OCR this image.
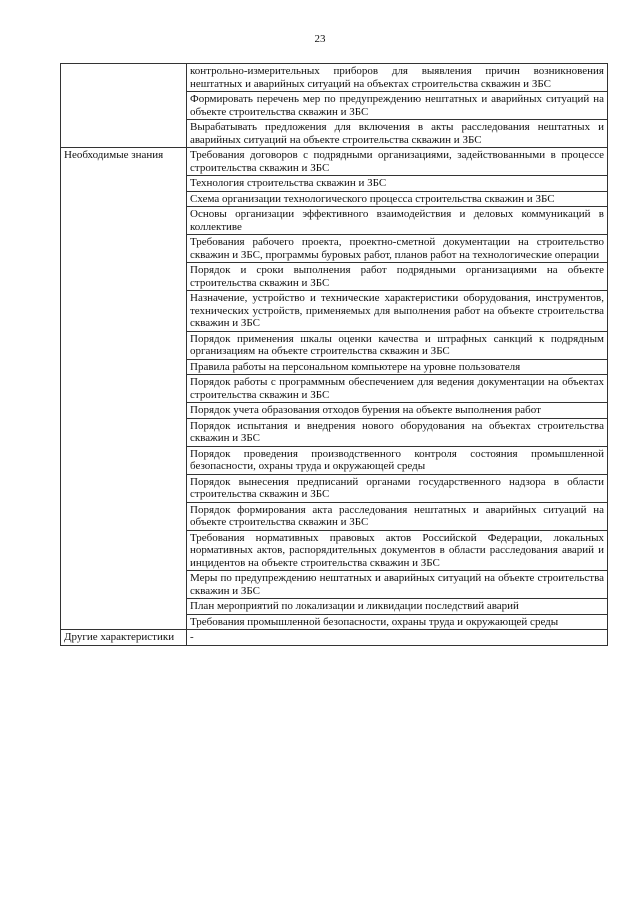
23
	контрольно-измерительных приборов для выявления причин возникновения нештатных и аварийных ситуаций на объектах строительства скважин и ЗБС
	Формировать перечень мер по предупреждению нештатных и аварийных ситуаций на объекте строительства скважин и ЗБС
	Вырабатывать предложения для включения в акты расследования нештатных и аварийных ситуаций на объекте строительства скважин и ЗБС
Необходимые знания	Требования договоров с подрядными организациями, задействованными в процессе строительства скважин и ЗБС
	Технология строительства скважин и ЗБС
	Схема организации технологического процесса строительства скважин и ЗБС
	Основы организации эффективного взаимодействия и деловых коммуникаций в коллективе
	Требования рабочего проекта, проектно-сметной документации на строительство скважин и ЗБС, программы буровых работ, планов работ на технологические операции
	Порядок и сроки выполнения работ подрядными организациями на объекте строительства скважин и ЗБС
	Назначение, устройство и технические характеристики оборудования, инструментов, технических устройств, применяемых для выполнения работ на объекте строительства скважин и ЗБС
	Порядок применения шкалы оценки качества и штрафных санкций к подрядным организациям на объекте строительства скважин и ЗБС
	Правила работы на персональном компьютере на уровне пользователя
	Порядок работы с программным обеспечением для ведения документации на объектах строительства скважин и ЗБС
	Порядок учета образования отходов бурения на объекте выполнения работ
	Порядок испытания и внедрения нового оборудования на объектах строительства скважин и ЗБС
	Порядок проведения производственного контроля состояния промышленной безопасности, охраны труда и окружающей среды
	Порядок вынесения предписаний органами государственного надзора в области строительства скважин и ЗБС
	Порядок формирования акта расследования нештатных и аварийных ситуаций на объекте строительства скважин и ЗБС
	Требования нормативных правовых актов Российской Федерации, локальных нормативных актов, распорядительных документов в области расследования аварий и инцидентов на объекте строительства скважин и ЗБС
	Меры по предупреждению нештатных и аварийных ситуаций на объекте строительства скважин и ЗБС
	План мероприятий по локализации и ликвидации последствий аварий
	Требования промышленной безопасности, охраны труда и окружающей среды
Другие характеристики	-
